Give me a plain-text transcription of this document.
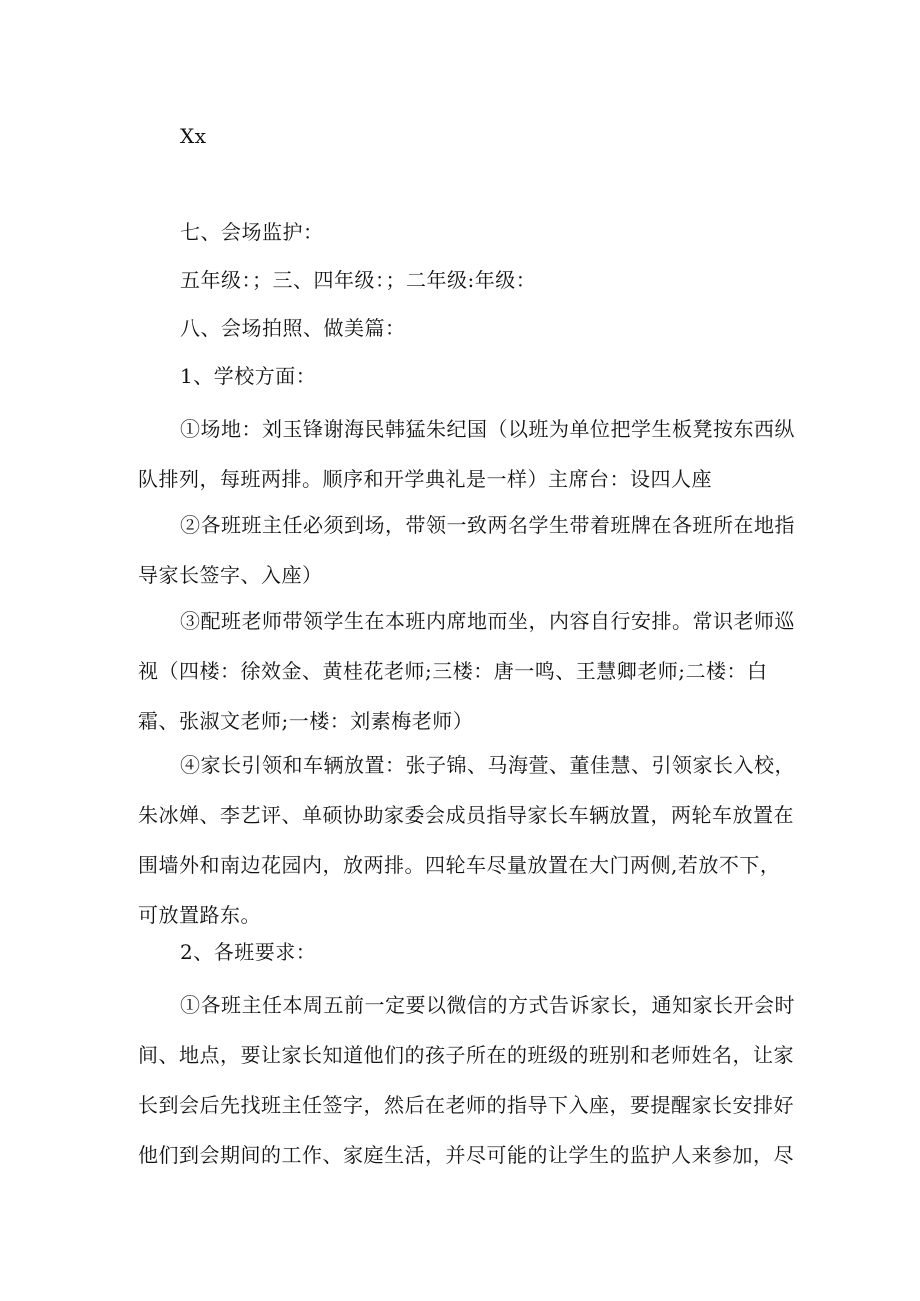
Xx
七、会场监护：
五年级：；三、四年级：；二年级:年级：
八、会场拍照、做美篇：
1、学校方面：
①场地：刘玉锋谢海民韩猛朱纪国（以班为单位把学生板凳按东西纵队排列，每班两排。顺序和开学典礼是一样）主席台：设四人座
②各班班主任必须到场，带领一致两名学生带着班牌在各班所在地指导家长签字、入座）
③配班老师带领学生在本班内席地而坐，内容自行安排。常识老师巡视（四楼：徐效金、黄桂花老师;三楼：唐一鸣、王慧卿老师;二楼：白霜、张淑文老师;一楼：刘素梅老师）
④家长引领和车辆放置：张子锦、马海萱、董佳慧、引领家长入校，朱冰婵、李艺评、单硕协助家委会成员指导家长车辆放置，两轮车放置在围墙外和南边花园内，放两排。四轮车尽量放置在大门两侧,若放不下，可放置路东。
2、各班要求：
①各班主任本周五前一定要以微信的方式告诉家长，通知家长开会时间、地点，要让家长知道他们的孩子所在的班级的班别和老师姓名，让家长到会后先找班主任签字，然后在老师的指导下入座，要提醒家长安排好他们到会期间的工作、家庭生活，并尽可能的让学生的监护人来参加，尽
